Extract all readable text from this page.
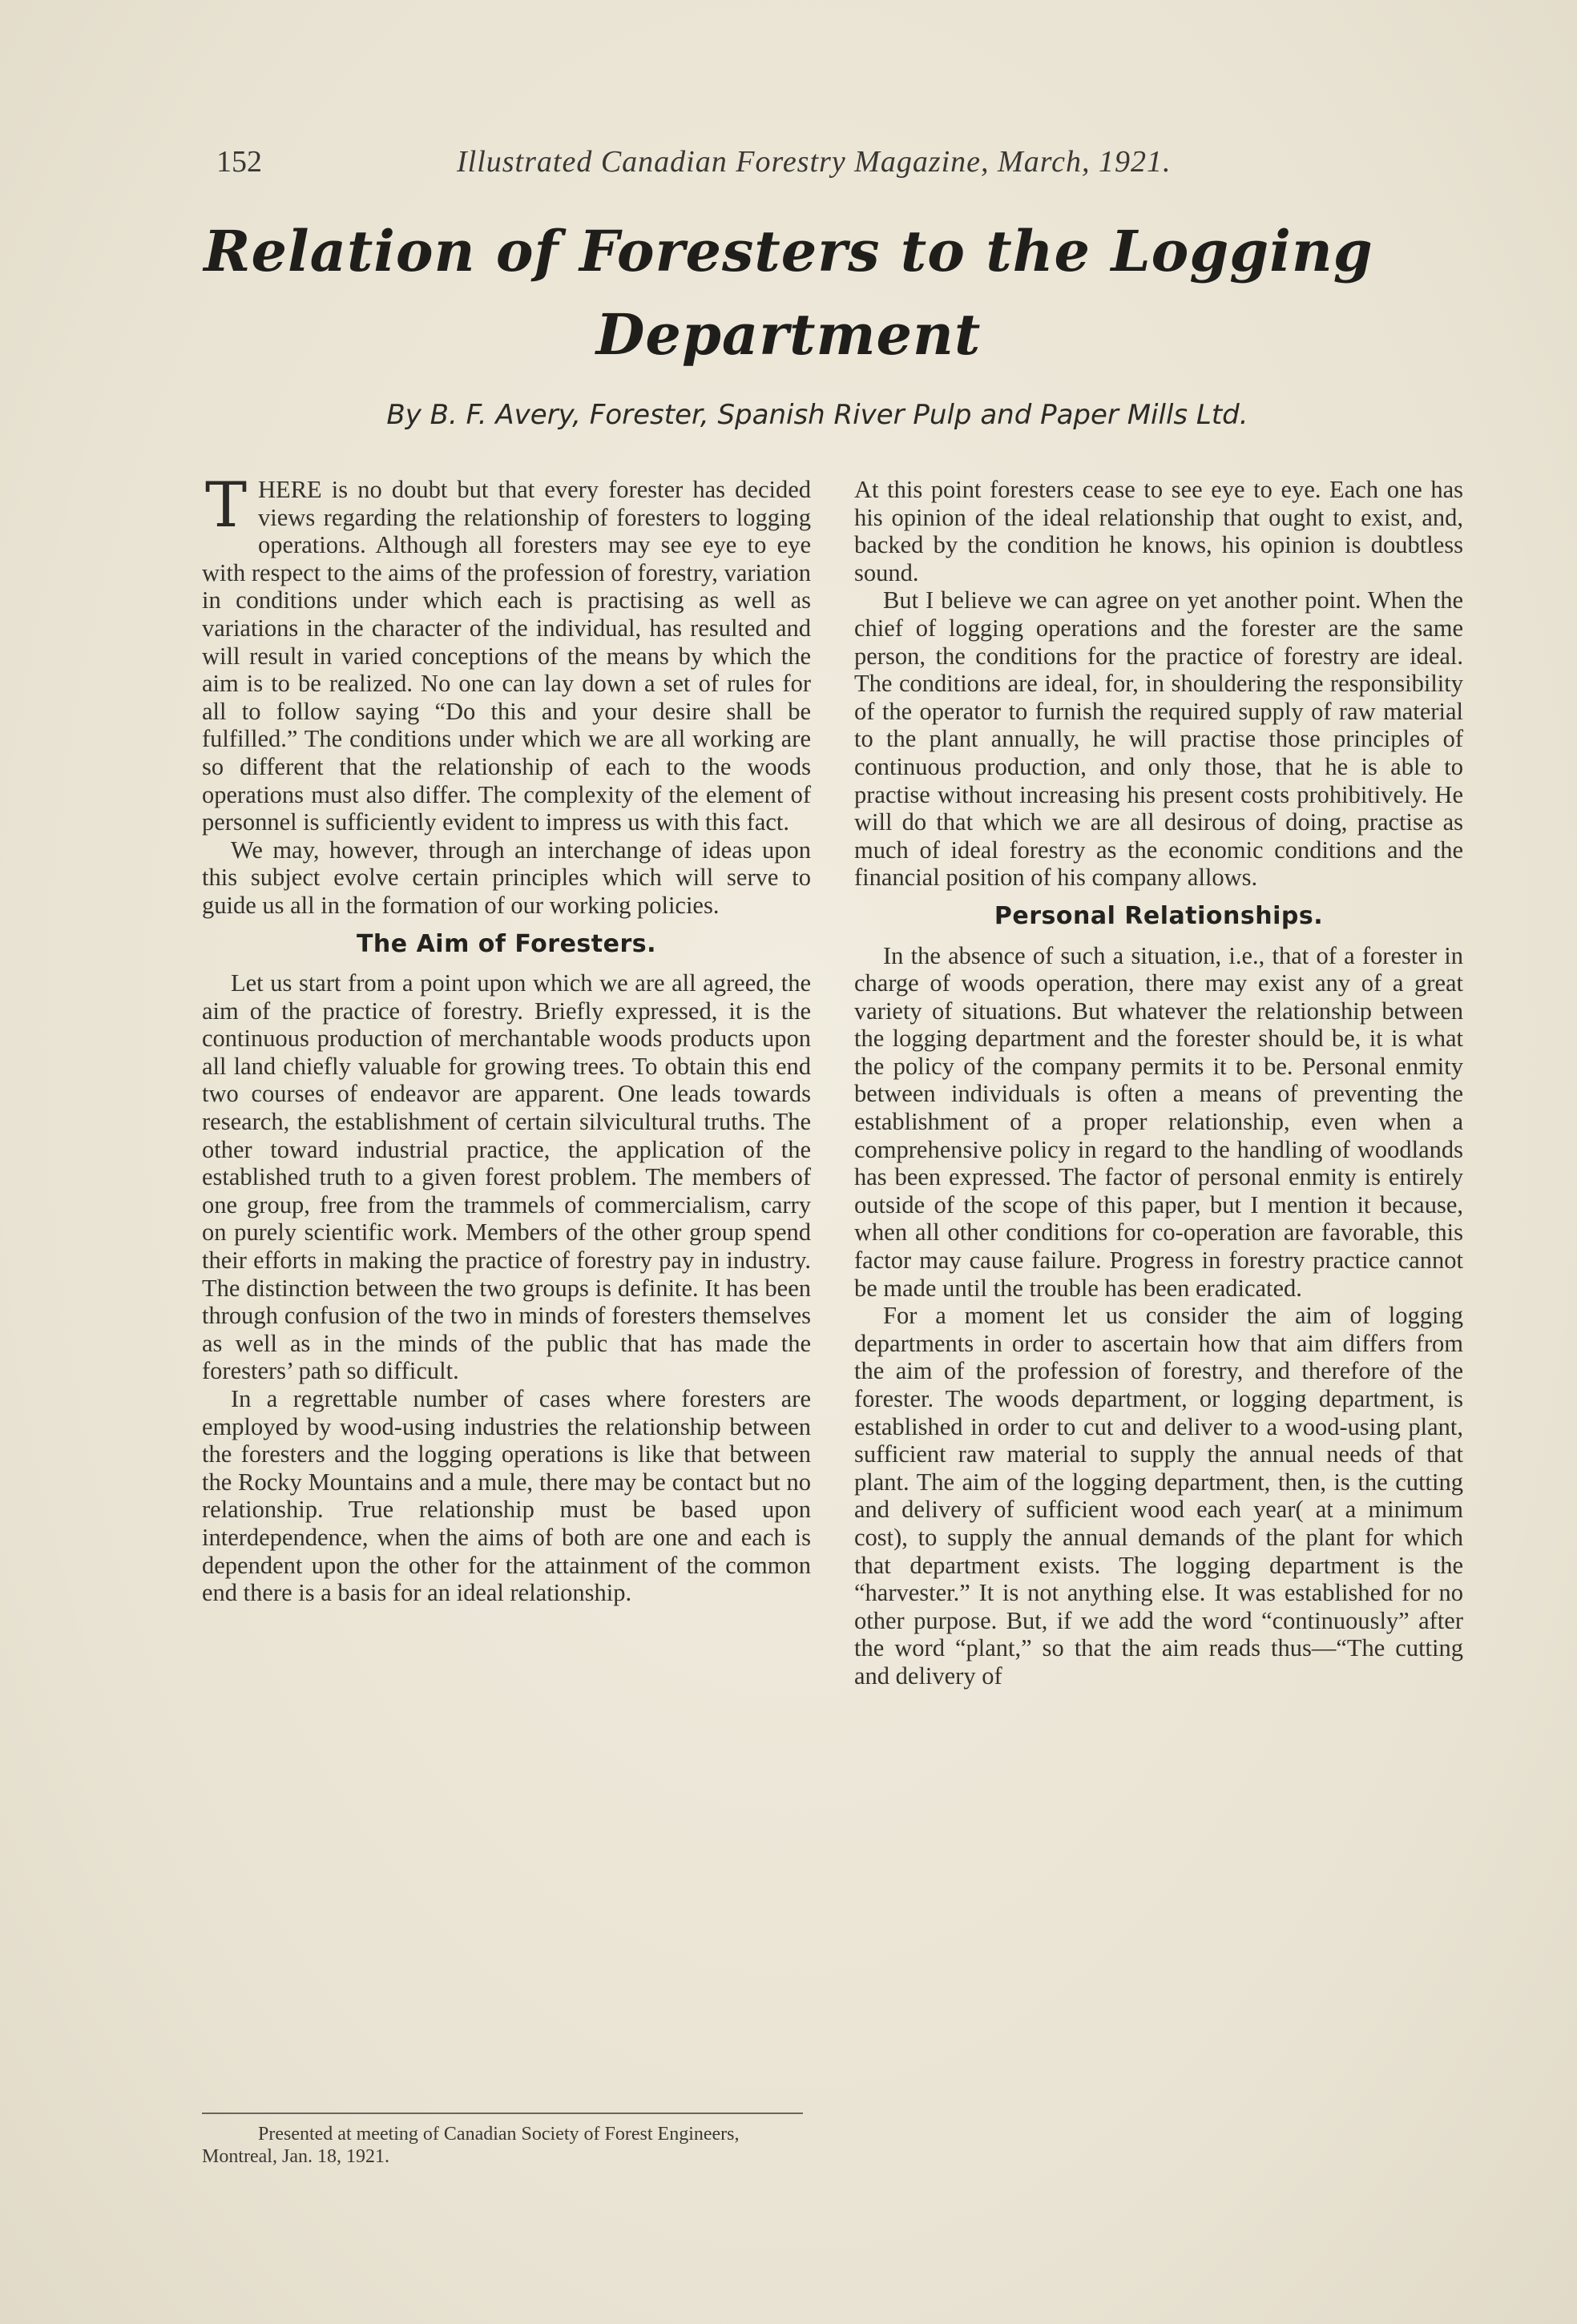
152	Illustrated Canadian Forestry Magazine, March, 1921.
Relation of Foresters to the Logging
Department
By B. F. Avery, Forester, Spanish River Pulp and Paper Mills Ltd.

THERE is no doubt but that every forester has decided views regarding the relationship of foresters to logging operations. Although all foresters may see eye to eye with respect to the aims of the profession of forestry, variation in conditions under which each is practising as well as variations in the character of the individual, has resulted and will result in varied conceptions of the means by which the aim is to be realized. No one can lay down a set of rules for all to follow saying “Do this and your desire shall be fulfilled.” The conditions under which we are all working are so different that the relationship of each to the woods operations must also differ. The complexity of the element of personnel is sufficiently evident to impress us with this fact.

We may, however, through an interchange of ideas upon this subject evolve certain principles which will serve to guide us all in the formation of our working policies.

The Aim of Foresters.

Let us start from a point upon which we are all agreed, the aim of the practice of forestry. Briefly expressed, it is the continuous production of merchantable woods products upon all land chiefly valuable for growing trees. To obtain this end two courses of endeavor are apparent. One leads towards research, the establishment of certain silvicultural truths. The other toward industrial practice, the application of the established truth to a given forest problem. The members of one group, free from the trammels of commercialism, carry on purely scientific work. Members of the other group spend their efforts in making the practice of forestry pay in industry. The distinction between the two groups is definite. It has been through confusion of the two in minds of foresters themselves as well as in the minds of the public that has made the foresters’ path so difficult.

In a regrettable number of cases where foresters are employed by wood-using industries the relationship between the foresters and the logging operations is like that between the Rocky Mountains and a mule, there may be contact but no relationship. True relationship must be based upon interdependence, when the aims of both are one and each is dependent upon the other for the attainment of the common end there is a basis for an ideal relationship.

Presented at meeting of Canadian Society of Forest Engineers, Montreal, Jan. 18, 1921.

At this point foresters cease to see eye to eye. Each one has his opinion of the ideal relationship that ought to exist, and, backed by the condition he knows, his opinion is doubtless sound.

But I believe we can agree on yet another point. When the chief of logging operations and the forester are the same person, the conditions for the practice of forestry are ideal. The conditions are ideal, for, in shouldering the responsibility of the operator to furnish the required supply of raw material to the plant annually, he will practise those principles of continuous production, and only those, that he is able to practise without increasing his present costs prohibitively. He will do that which we are all desirous of doing, practise as much of ideal forestry as the economic conditions and the financial position of his company allows.

Personal Relationships.

In the absence of such a situation, i.e., that of a forester in charge of woods operation, there may exist any of a great variety of situations. But whatever the relationship between the logging department and the forester should be, it is what the policy of the company permits it to be. Personal enmity between individuals is often a means of preventing the establishment of a proper relationship, even when a comprehensive policy in regard to the handling of woodlands has been expressed. The factor of personal enmity is entirely outside of the scope of this paper, but I mention it because, when all other conditions for co-operation are favorable, this factor may cause failure. Progress in forestry practice cannot be made until the trouble has been eradicated.

For a moment let us consider the aim of logging departments in order to ascertain how that aim differs from the aim of the profession of forestry, and therefore of the forester. The woods department, or logging department, is established in order to cut and deliver to a wood-using plant, sufficient raw material to supply the annual needs of that plant. The aim of the logging department, then, is the cutting and delivery of sufficient wood each year( at a minimum cost), to supply the annual demands of the plant for which that department exists. The logging department is the “harvester.” It is not anything else. It was established for no other purpose. But, if we add the word “continuously” after the word “plant,” so that the aim reads thus—“The cutting and delivery of
